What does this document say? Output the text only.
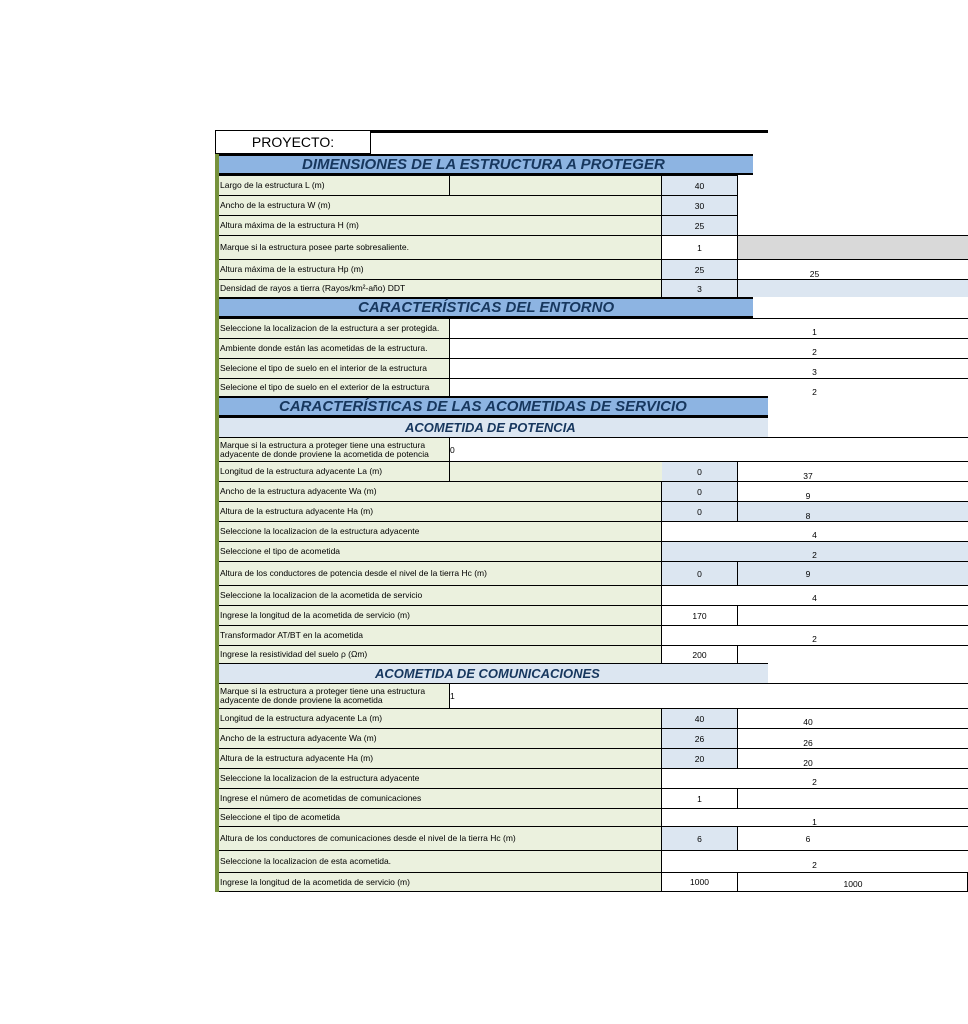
PROYECTO:
DIMENSIONES DE LA ESTRUCTURA A PROTEGER
Largo de la estructura L (m)	40
Ancho de la estructura W (m)	30
Altura máxima de la estructura H (m)	25
Marque si la estructura posee parte sobresaliente.	1
Altura máxima de la estructura Hp (m)	25	25
Densidad de rayos a tierra (Rayos/km²-año) DDT	3
CARACTERÍSTICAS DEL ENTORNO
Seleccione la localizacion de la estructura a ser protegida.	1
Ambiente donde están las acometidas de la estructura.	2
Selecione el tipo de suelo en el interior de la estructura	3
Selecione el tipo de suelo en el exterior de la estructura	2
CARACTERÍSTICAS DE LAS ACOMETIDAS DE SERVICIO
ACOMETIDA DE POTENCIA
Marque si la estructura a proteger tiene una estructura adyacente de donde proviene la acometida de potencia	0
Longitud de la estructura adyacente La (m)	0	37
Ancho de la estructura adyacente Wa (m)	0	9
Altura de la estructura adyacente Ha (m)	0	8
Seleccione la localizacion de la estructura adyacente	4
Seleccione el tipo de acometida	2
Altura de los conductores de potencia desde el nivel de la tierra Hc (m)	0	9
Seleccione la localizacion de la acometida de servicio	4
Ingrese la longitud de la acometida de servicio (m)	170
Transformador AT/BT en la acometida	2
Ingrese la resistividad del suelo ρ (Ωm)	200
ACOMETIDA DE COMUNICACIONES
Marque si la estructura a proteger tiene una estructura adyacente de donde proviene la acometida	1
Longitud de la estructura adyacente La (m)	40	40
Ancho de la estructura adyacente Wa (m)	26	26
Altura de la estructura adyacente Ha (m)	20	20
Seleccione la localizacion de la estructura adyacente	2
Ingrese el número de acometidas de comunicaciones	1
Seleccione el tipo de acometida	1
Altura de los conductores de comunicaciones desde el nivel de la tierra Hc (m)	6	6
Seleccione la localizacion de esta acometida.	2
Ingrese la longitud de la acometida de servicio (m)	1000	1000
